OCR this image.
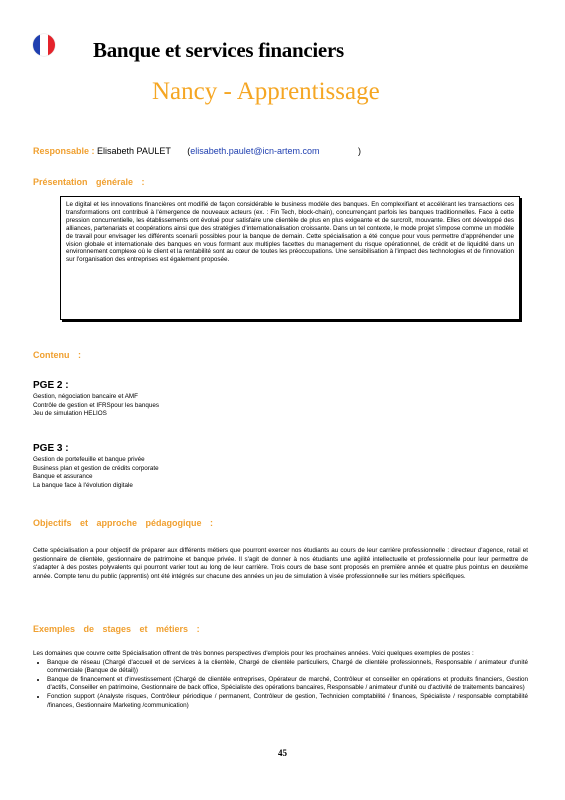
Banque et services financiers
Nancy - Apprentissage
Responsable : Elisabeth PAULET (elisabeth.paulet@icn-artem.com	)
Présentation générale :
Le digital et les innovations financières ont modifié de façon considérable le business modèle des banques. En complexifiant et accélérant les transactions ces transformations ont contribué à l'émergence de nouveaux acteurs (ex. : Fin Tech, block-chain), concurrençant parfois les banques traditionnelles. Face à cette pression concurrentielle, les établissements ont évolué pour satisfaire une clientèle de plus en plus exigeante et de surcroît, mouvante. Elles ont développé des alliances, partenariats et coopérations ainsi que des stratégies d'internationalisation croissante. Dans un tel contexte, le mode projet s'impose comme un modèle de travail pour envisager les différents scenarii possibles pour la banque de demain. Cette spécialisation a été conçue pour vous permettre d'appréhender une vision globale et internationale des banques en vous formant aux multiples facettes du management du risque opérationnel, de crédit et de liquidité dans un environnement complexe où le client et la rentabilité sont au cœur de toutes les préoccupations. Une sensibilisation à l'impact des technologies et de l'innovation sur l'organisation des entreprises est également proposée.
Contenu :
PGE 2 :
Gestion, négociation bancaire et AMF
Contrôle de gestion et IFRSpour les banques
Jeu de simulation HELIOS
PGE 3 :
Gestion de portefeuille et banque privée
Business plan et gestion de crédits corporate
Banque et assurance
La banque face à l'évolution digitale
Objectifs et approche pédagogique :
Cette spécialisation a pour objectif de préparer aux différents métiers que pourront exercer nos étudiants au cours de leur carrière professionnelle : directeur d'agence, retail et gestionnaire de clientèle, gestionnaire de patrimoine et banque privée. Il s'agit de donner à nos étudiants une agilité intellectuelle et professionnelle pour leur permettre de s'adapter à des postes polyvalents qui pourront varier tout au long de leur carrière. Trois cours de base sont proposés en première année et quatre plus pointus en deuxième année. Compte tenu du public (apprentis) ont été intégrés sur chacune des années un jeu de simulation à visée professionnelle sur les métiers spécifiques.
Exemples de stages et métiers :
Les domaines que couvre cette Spécialisation offrent de très bonnes perspectives d'emplois pour les prochaines années. Voici quelques exemples de postes :
• Banque de réseau (Chargé d'accueil et de services à la clientèle, Chargé de clientèle particuliers, Chargé de clientèle professionnels, Responsable / animateur d'unité commerciale (Banque de détail))
• Banque de financement et d'investissement (Chargé de clientèle entreprises, Opérateur de marché, Contrôleur et conseiller en opérations et produits financiers, Gestion d'actifs, Conseiller en patrimoine, Gestionnaire de back office, Spécialiste des opérations bancaires, Responsable / animateur d'unité ou d'activité de traitements bancaires)
• Fonction support (Analyste risques, Contrôleur périodique / permanent, Contrôleur de gestion, Technicien comptabilité / finances, Spécialiste / responsable comptabilité /finances, Gestionnaire Marketing /communication)
45
